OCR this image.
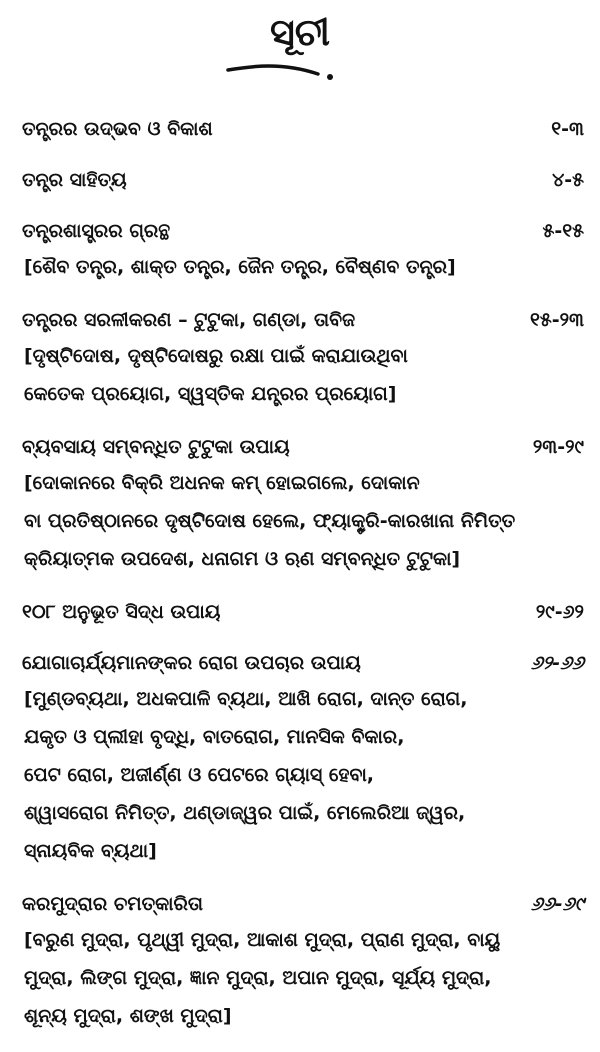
ସୂଚୀ
ତନ୍ତ୍ରର ଉଦ୍‌ଭବ ଓ ବିକାଶ	୧-୩
ତନ୍ତ୍ର ସାହିତ୍ୟ	୪-୫
ତନ୍ତ୍ରଶାସ୍ତ୍ରର ଗ୍ରନ୍ଥ	୫-୧୫
[ଶୈବ ତନ୍ତ୍ର, ଶାକ୍ତ ତନ୍ତ୍ର, ଜୈନ ତନ୍ତ୍ର, ବୈଷ୍ଣବ ତନ୍ତ୍ର]
ତନ୍ତ୍ରର ସରଳୀକରଣ – ଟୁଟୁକା, ଗଣ୍ଡା, ତାବିଜ	୧୫-୨୩
[ଦୃଷ୍ଟିଦୋଷ, ଦୃଷ୍ଟିଦୋଷରୁ ରକ୍ଷା ପାଇଁ କରାଯାଉଥିବା
କେତେକ ପ୍ରୟୋଗ, ସ୍ୱସ୍ତିକ ଯନ୍ତ୍ରର ପ୍ରୟୋଗ]
ବ୍ୟବସାୟ ସମ୍ବନ୍ଧିତ ଟୁଟୁକା ଉପାୟ	୨୩-୨୯
[ଦୋକାନରେ ବିକ୍ରି ଅଧନକ କମ୍ ହୋଇଗଲେ, ଦୋକାନ
ବା ପ୍ରତିଷ୍ଠାନରେ ଦୃଷ୍ଟିଦୋଷ ହେଲେ, ଫ୍ୟାକ୍ଟ୍ରି-କାରଖାନା ନିମିତ୍ତ
କ୍ରିୟାତ୍ମକ ଉପଦେଶ, ଧନାଗମ ଓ ଋଣ ସମ୍ବନ୍ଧିତ ଟୁଟୁକା]
୧୦୮ ଅନୁଭୂତ ସିଦ୍ଧ ଉପାୟ	୨୯-୬୨
ଯୋଗାଚାର୍ଯ୍ୟମାନଙ୍କର ରୋଗ ଉପଚାର ଉପାୟ	୬୨-୬୬
[ମୁଣ୍ଡବ୍ୟଥା, ଅଧକପାଳି ବ୍ୟଥା, ଆଖି ରୋଗ, ଦାନ୍ତ ରୋଗ,
ଯକୃତ ଓ ପ୍ଲୀହା ବୃଦ୍ଧି, ବାତରୋଗ, ମାନସିକ ବିକାର,
ପେଟ ରୋଗ, ଅଜୀର୍ଣ୍ଣ ଓ ପେଟରେ ଗ୍ୟାସ୍ ହେବା,
ଶ୍ୱାସରୋଗ ନିମିତ୍ତ, ଥଣ୍ଡାଜ୍ୱର ପାଇଁ, ମେଲେରିଆ ଜ୍ୱର,
ସ୍ନାୟବିକ ବ୍ୟଥା]
କରମୁଦ୍ରାର ଚମତ୍କାରିତା	୬୬-୬୯
[ବରୁଣ ମୁଦ୍ରା, ପୃଥ୍ୱୀ ମୁଦ୍ରା, ଆକାଶ ମୁଦ୍ରା, ପ୍ରାଣ ମୁଦ୍ରା, ବାୟୁ
ମୁଦ୍ରା, ଲିଙ୍ଗ ମୁଦ୍ରା, ଜ୍ଞାନ ମୁଦ୍ରା, ଅପାନ ମୁଦ୍ରା, ସୂର୍ଯ୍ୟ ମୁଦ୍ରା,
ଶୂନ୍ୟ ମୁଦ୍ରା, ଶଙ୍ଖ ମୁଦ୍ରା]
